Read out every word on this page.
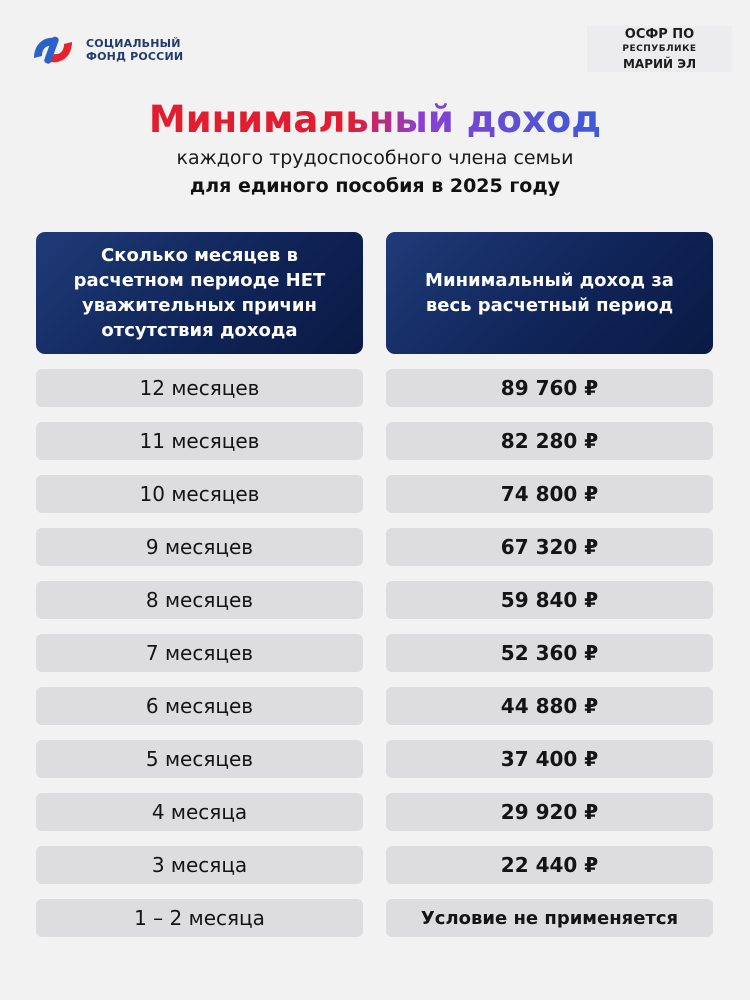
СОЦИАЛЬНЫЙ
ФОНД РОССИИ
ОСФР ПО
РЕСПУБЛИКЕ
МАРИЙ ЭЛ
Минимальный доход
каждого трудоспособного члена семьи
для единого пособия в 2025 году
Сколько месяцев в расчетном периоде НЕТ уважительных причин отсутствия дохода
Минимальный доход за весь расчетный период
12 месяцев	89 760 ₽
11 месяцев	82 280 ₽
10 месяцев	74 800 ₽
9 месяцев	67 320 ₽
8 месяцев	59 840 ₽
7 месяцев	52 360 ₽
6 месяцев	44 880 ₽
5 месяцев	37 400 ₽
4 месяца	29 920 ₽
3 месяца	22 440 ₽
1 – 2 месяца	Условие не применяется
